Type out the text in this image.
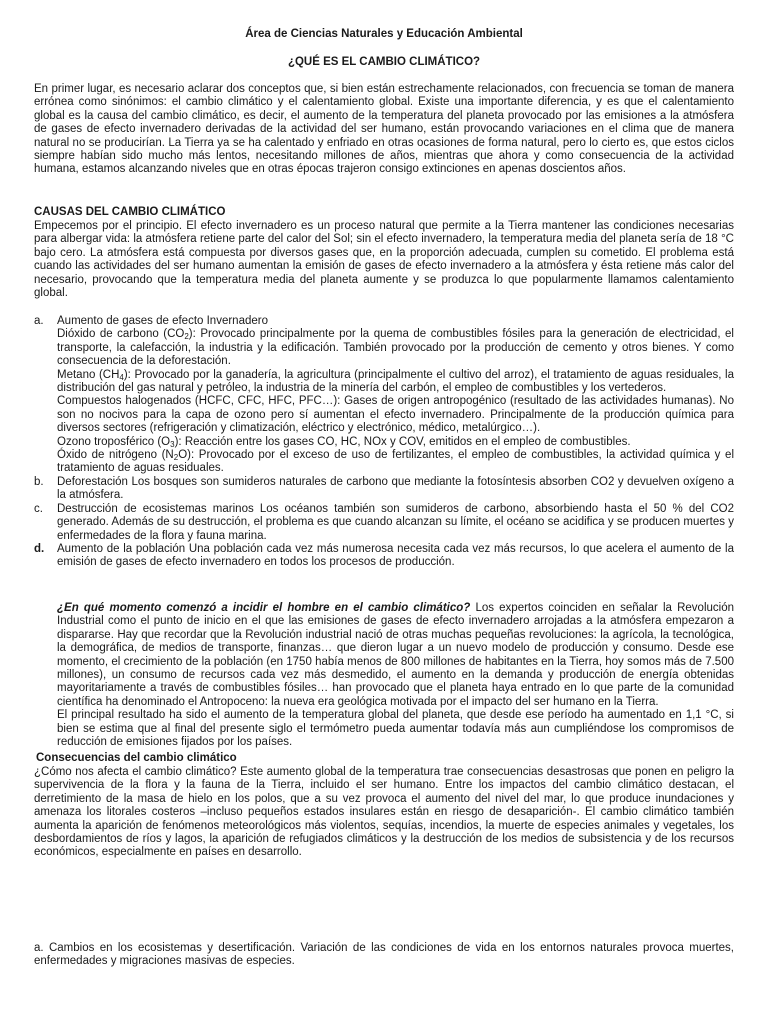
Área de Ciencias Naturales y Educación Ambiental
¿QUÉ ES EL CAMBIO CLIMÁTICO?

En primer lugar, es necesario aclarar dos conceptos que, si bien están estrechamente relacionados, con frecuencia se toman de manera errónea como sinónimos: el cambio climático y el calentamiento global. Existe una importante diferencia, y es que el calentamiento global es la causa del cambio climático, es decir, el aumento de la temperatura del planeta provocado por las emisiones a la atmósfera de gases de efecto invernadero derivadas de la actividad del ser humano, están provocando variaciones en el clima que de manera natural no se producirían. La Tierra ya se ha calentado y enfriado en otras ocasiones de forma natural, pero lo cierto es, que estos ciclos siempre habían sido mucho más lentos, necesitando millones de años, mientras que ahora y como consecuencia de la actividad humana, estamos alcanzando niveles que en otras épocas trajeron consigo extinciones en apenas doscientos años.

CAUSAS DEL CAMBIO CLIMÁTICO

Empecemos por el principio. El efecto invernadero es un proceso natural que permite a la Tierra mantener las condiciones necesarias para albergar vida: la atmósfera retiene parte del calor del Sol; sin el efecto invernadero, la temperatura media del planeta sería de 18 °C bajo cero. La atmósfera está compuesta por diversos gases que, en la proporción adecuada, cumplen su cometido. El problema está cuando las actividades del ser humano aumentan la emisión de gases de efecto invernadero a la atmósfera y ésta retiene más calor del necesario, provocando que la temperatura media del planeta aumente y se produzca lo que popularmente llamamos calentamiento global.

a.	Aumento de gases de efecto Invernadero

Dióxido de carbono $(CO_2)$: Provocado principalmente por la quema de combustibles fósiles para la generación de electricidad, el transporte, la calefacción, la industria y la edificación. También provocado por la producción de cemento y otros bienes. Y como consecuencia de la deforestación.

Metano $(CH_4)$: Provocado por la ganadería, la agricultura (principalmente el cultivo del arroz), el tratamiento de aguas residuales, la distribución del gas natural y petróleo, la industria de la minería del carbón, el empleo de combustibles y los vertederos.

Compuestos halogenados (HCFC, CFC, HFC, PFC…): Gases de origen antropogénico (resultado de las actividades humanas). No son no nocivos para la capa de ozono pero sí aumentan el efecto invernadero. Principalmente de la producción química para diversos sectores (refrigeración y climatización, eléctrico y electrónico, médico, metalúrgico…).

Ozono troposférico $(O_3)$: Reacción entre los gases CO, HC, NOx y COV, emitidos en el empleo de combustibles.

Óxido de nitrógeno $(N_2O)$: Provocado por el exceso de uso de fertilizantes, el empleo de combustibles, la actividad química y el tratamiento de aguas residuales.

b.	Deforestación Los bosques son sumideros naturales de carbono que mediante la fotosíntesis absorben CO2 y devuelven oxígeno a la atmósfera.

c.	Destrucción de ecosistemas marinos Los océanos también son sumideros de carbono, absorbiendo hasta el 50 % del CO2 generado. Además de su destrucción, el problema es que cuando alcanzan su límite, el océano se acidifica y se producen muertes y enfermedades de la flora y fauna marina.

d.	Aumento de la población Una población cada vez más numerosa necesita cada vez más recursos, lo que acelera el aumento de la emisión de gases de efecto invernadero en todos los procesos de producción.

¿En qué momento comenzó a incidir el hombre en el cambio climático? Los expertos coinciden en señalar la Revolución Industrial como el punto de inicio en el que las emisiones de gases de efecto invernadero arrojadas a la atmósfera empezaron a dispararse. Hay que recordar que la Revolución industrial nació de otras muchas pequeñas revoluciones: la agrícola, la tecnológica, la demográfica, de medios de transporte, finanzas… que dieron lugar a un nuevo modelo de producción y consumo. Desde ese momento, el crecimiento de la población (en 1750 había menos de 800 millones de habitantes en la Tierra, hoy somos más de 7.500 millones), un consumo de recursos cada vez más desmedido, el aumento en la demanda y producción de energía obtenidas mayoritariamente a través de combustibles fósiles… han provocado que el planeta haya entrado en lo que parte de la comunidad científica ha denominado el Antropoceno: la nueva era geológica motivada por el impacto del ser humano en la Tierra.

El principal resultado ha sido el aumento de la temperatura global del planeta, que desde ese período ha aumentado en 1,1 °C, si bien se estima que al final del presente siglo el termómetro pueda aumentar todavía más aun cumpliéndose los compromisos de reducción de emisiones fijados por los países.

Consecuencias del cambio climático

¿Cómo nos afecta el cambio climático? Este aumento global de la temperatura trae consecuencias desastrosas que ponen en peligro la supervivencia de la flora y la fauna de la Tierra, incluido el ser humano. Entre los impactos del cambio climático destacan, el derretimiento de la masa de hielo en los polos, que a su vez provoca el aumento del nivel del mar, lo que produce inundaciones y amenaza los litorales costeros –incluso pequeños estados insulares están en riesgo de desaparición-. El cambio climático también aumenta la aparición de fenómenos meteorológicos más violentos, sequías, incendios, la muerte de especies animales y vegetales, los desbordamientos de ríos y lagos, la aparición de refugiados climáticos y la destrucción de los medios de subsistencia y de los recursos económicos, especialmente en países en desarrollo.

a. Cambios en los ecosistemas y desertificación. Variación de las condiciones de vida en los entornos naturales provoca muertes, enfermedades y migraciones masivas de especies.
